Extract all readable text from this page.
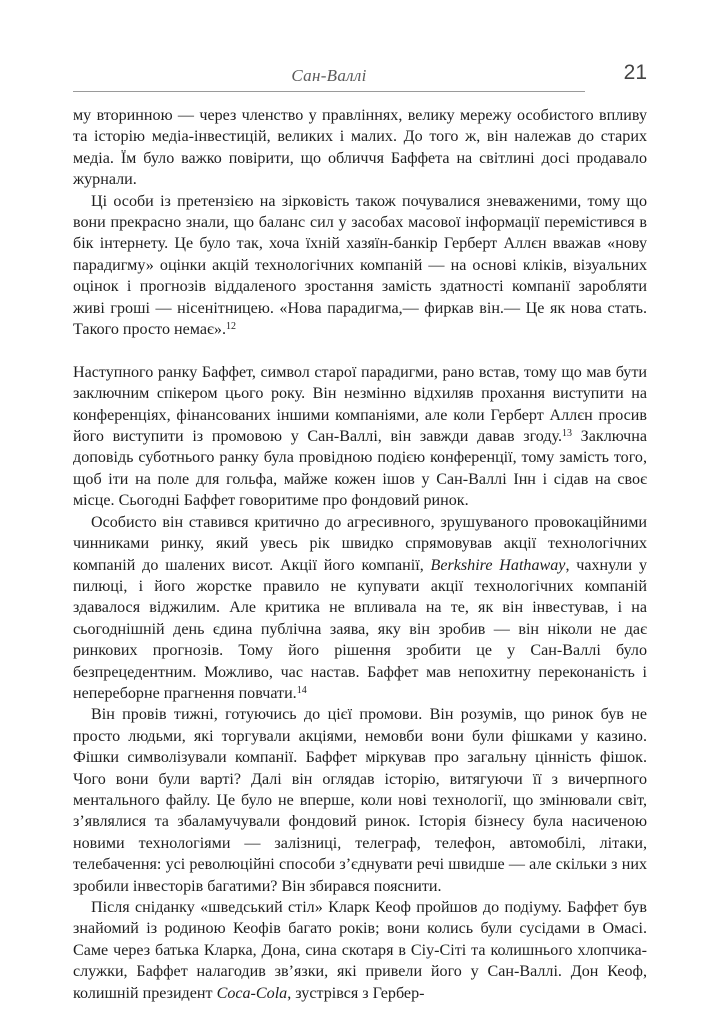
Сан-Валлі	21

му вторинною — через членство у правліннях, велику мережу особистого впливу та історію медіа-інвестицій, великих і малих. До того ж, він належав до старих медіа. Їм було важко повірити, що обличчя Баффета на світлині досі продавало журнали.

Ці особи із претензією на зірковість також почувалися зневаженими, тому що вони прекрасно знали, що баланс сил у засобах масової інформації перемістився в бік інтернету. Це було так, хоча їхній хазяїн-банкір Герберт Аллєн вважав «нову парадигму» оцінки акцій технологічних компаній — на основі кліків, візуальних оцінок і прогнозів віддаленого зростання замість здатності компанії заробляти живі гроші — нісенітницею. «Нова парадигма,— фиркав він.— Це як нова стать. Такого просто немає».$^{12}$

Наступного ранку Баффет, символ старої парадигми, рано встав, тому що мав бути заключним спікером цього року. Він незмінно відхиляв прохання виступити на конференціях, фінансованих іншими компаніями, але коли Герберт Аллєн просив його виступити із промовою у Сан-Валлі, він завжди давав згоду.$^{13}$ Заключна доповідь суботнього ранку була провідною подією конференції, тому замість того, щоб іти на поле для гольфа, майже кожен ішов у Сан-Валлі Інн і сідав на своє місце. Сьогодні Баффет говоритиме про фондовий ринок.

Особисто він ставився критично до агресивного, зрушуваного провокаційними чинниками ринку, який увесь рік швидко спрямовував акції технологічних компаній до шалених висот. Акції його компанії, Berkshire Hathaway, чахнули у пилюці, і його жорстке правило не купувати акції технологічних компаній здавалося віджилим. Але критика не впливала на те, як він інвестував, і на сьогоднішній день єдина публічна заява, яку він зробив — він ніколи не дає ринкових прогнозів. Тому його рішення зробити це у Сан-Валлі було безпрецедентним. Можливо, час настав. Баффет мав непохитну переконаність і непереборне прагнення повчати.$^{14}$

Він провів тижні, готуючись до цієї промови. Він розумів, що ринок був не просто людьми, які торгували акціями, немовби вони були фішками у казино. Фішки символізували компанії. Баффет міркував про загальну цінність фішок. Чого вони були варті? Далі він оглядав історію, витягуючи її з вичерпного ментального файлу. Це було не вперше, коли нові технології, що змінювали світ, з’являлися та збаламучували фондовий ринок. Історія бізнесу була насиченою новими технологіями — залізниці, телеграф, телефон, автомобілі, літаки, телебачення: усі революційні способи з’єднувати речі швидше — але скільки з них зробили інвесторів багатими? Він збирався пояснити.

Після сніданку «шведський стіл» Кларк Кеоф пройшов до подіуму. Баффет був знайомий із родиною Кеофів багато років; вони колись були сусідами в Омасі. Саме через батька Кларка, Дона, сина скотаря в Сіу-Сіті та колишнього хлопчика-служки, Баффет налагодив зв’язки, які привели його у Сан-Валлі. Дон Кеоф, колишній президент Coca-Cola, зустрівся з Гербер-
